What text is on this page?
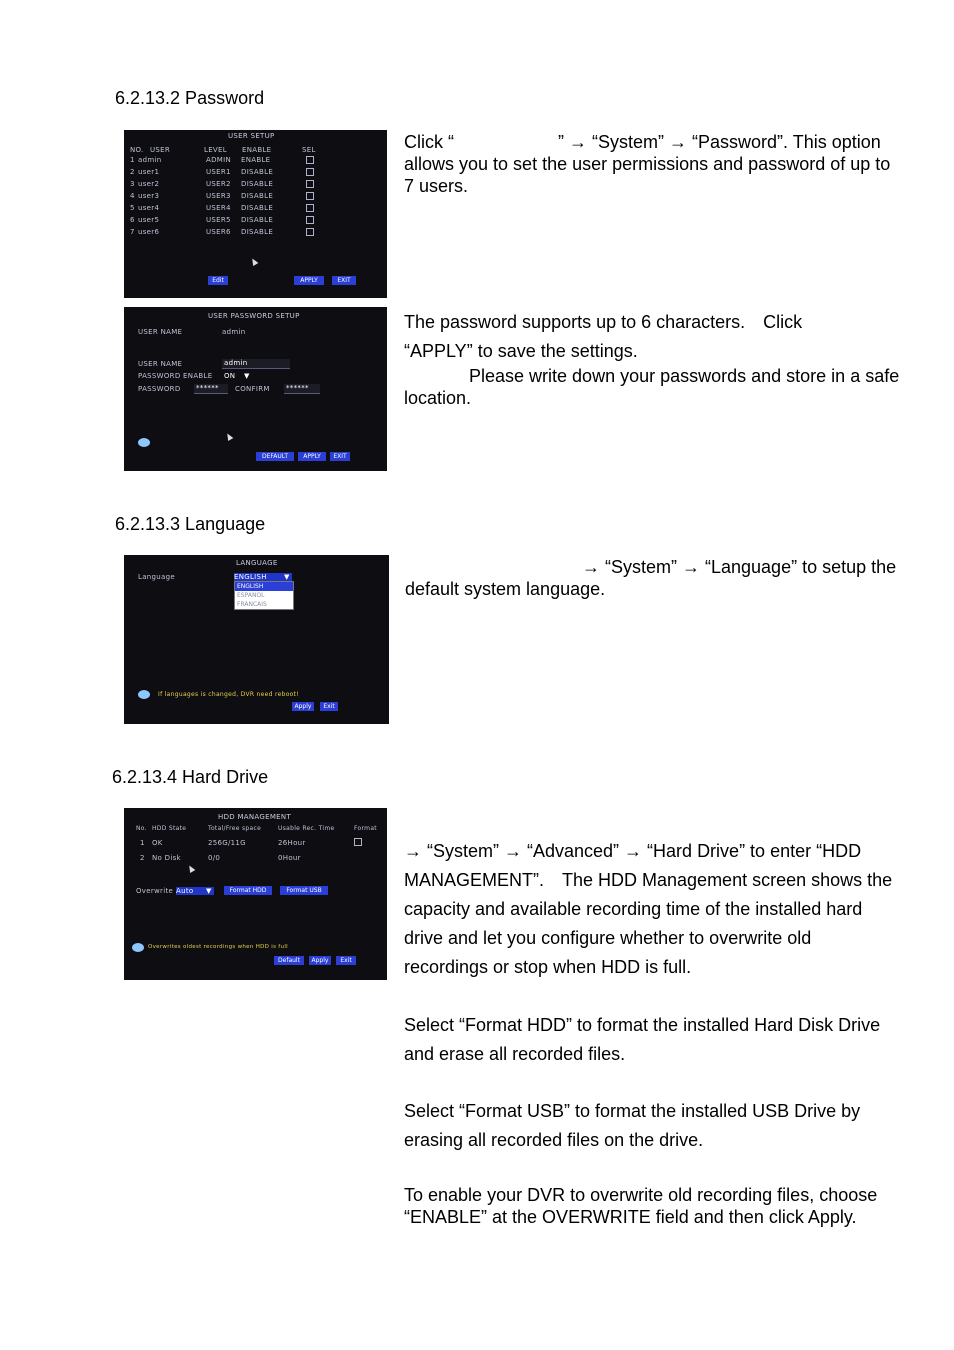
6.2.13.2 Password
USER SETUP
NO. USER	LEVEL ENABLE	SEL
1 admin	ADMIN ENABLE
2 user1	USER1 DISABLE
3 user2	USER2 DISABLE
4 user3	USER3 DISABLE
5 user4	USER4 DISABLE
6 user5	USER5 DISABLE
7 user6	USER6 DISABLE
Edit	APPLY	EXIT
Click “	” → “System” → “Password”. This option allows you to set the user permissions and password of up to 7 users.
USER PASSWORD SETUP
USER NAME	admin
USER NAME	admin
PASSWORD ENABLE ON ▼
PASSWORD ****** CONFIRM ******
DEFAULT	APPLY	EXIT
The password supports up to 6 characters.　Click
“APPLY” to save the settings.
Please write down your passwords and store in a safe location.
6.2.13.3 Language
LANGUAGE
Language	ENGLISH	▼
ENGLISH
ESPANOL
FRANCAIS
If languages is changed, DVR need reboot!
Apply	Exit
→ “System” → “Language” to setup the default system language.
6.2.13.4 Hard Drive
HDD MANAGEMENT
No. HDD State	Total/Free space	Usable Rec. Time	Format
1 OK	256G/11G	26Hour
2 No Disk	0/0	0Hour
Overwrite Auto	▼	Format HDD	Format USB
Overwrites oldest recordings when HDD is full
Default	Apply	Exit
→ “System” → “Advanced” → “Hard Drive” to enter “HDD MANAGEMENT”.　The HDD Management screen shows the capacity and available recording time of the installed hard drive and let you configure whether to overwrite old recordings or stop when HDD is full.
Select “Format HDD” to format the installed Hard Disk Drive and erase all recorded files.
Select “Format USB” to format the installed USB Drive by erasing all recorded files on the drive.
To enable your DVR to overwrite old recording files, choose “ENABLE” at the OVERWRITE field and then click Apply.
